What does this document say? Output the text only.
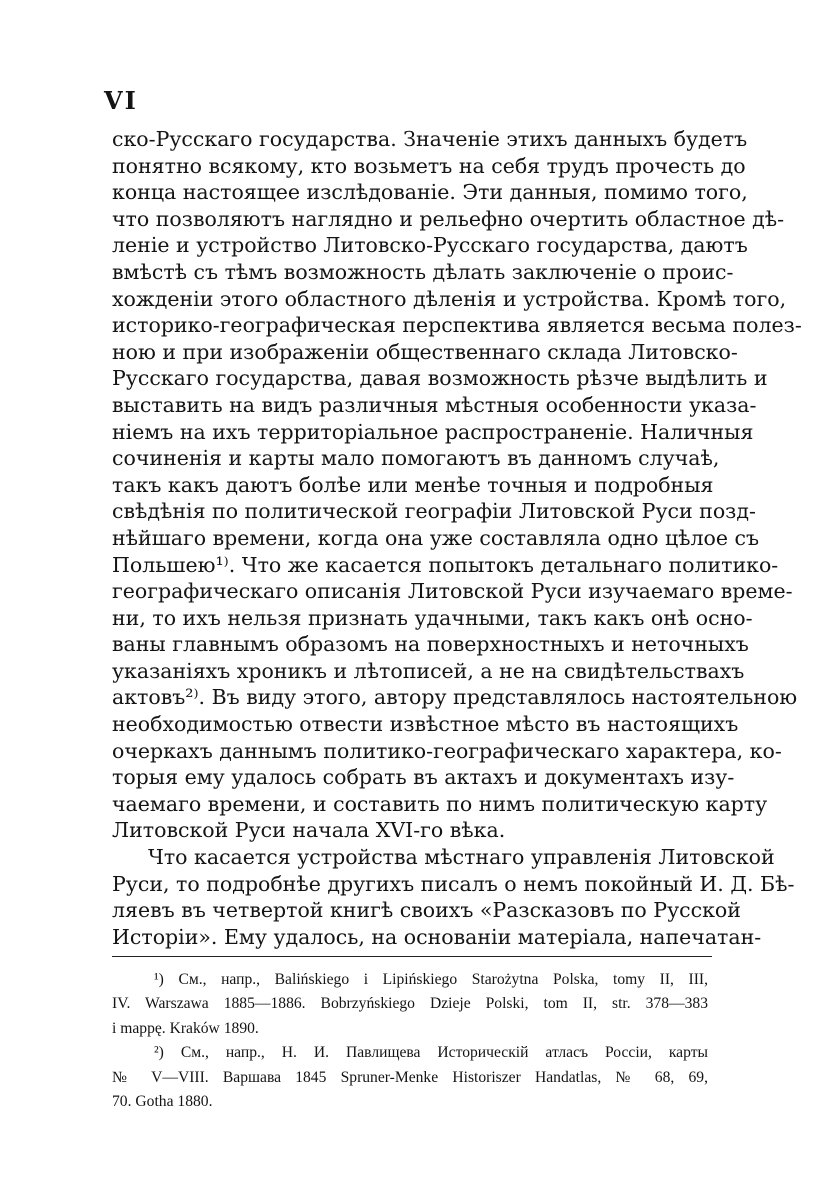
VI
ско-Русскаго государства. Значеніе этихъ данныхъ будетъ
понятно всякому, кто возьметъ на себя трудъ прочесть до
конца настоящее изслѣдованіе. Эти данныя, помимо того,
что позволяютъ наглядно и рельефно очертить областное дѣ-
леніе и устройство Литовско-Русскаго государства, даютъ
вмѣстѣ съ тѣмъ возможность дѣлать заключеніе о проис-
хожденіи этого областного дѣленія и устройства. Кромѣ того,
историко-географическая перспектива является весьма полез-
ною и при изображеніи общественнаго склада Литовско-
Русскаго государства, давая возможность рѣзче выдѣлить и
выставить на видъ различныя мѣстныя особенности указа-
ніемъ на ихъ территоріальное распространеніе. Наличныя
сочиненія и карты мало помогаютъ въ данномъ случаѣ,
такъ какъ даютъ болѣе или менѣе точныя и подробныя
свѣдѣнія по политической географіи Литовской Руси позд-
нѣйшаго времени, когда она уже составляла одно цѣлое съ
Польшею¹⁾. Что же касается попытокъ детальнаго политико-
географическаго описанія Литовской Руси изучаемаго време-
ни, то ихъ нельзя признать удачными, такъ какъ онѣ осно-
ваны главнымъ образомъ на поверхностныхъ и неточныхъ
указаніяхъ хроникъ и лѣтописей, а не на свидѣтельствахъ
актовъ²⁾. Въ виду этого, автору представлялось настоятельною
необходимостью отвести извѣстное мѣсто въ настоящихъ
очеркахъ даннымъ политико-географическаго характера, ко-
торыя ему удалось собрать въ актахъ и документахъ изу-
чаемаго времени, и составить по нимъ политическую карту
Литовской Руси начала XVI-го вѣка.
Что касается устройства мѣстнаго управленія Литовской
Руси, то подробнѣе другихъ писалъ о немъ покойный И. Д. Бѣ-
ляевъ въ четвертой книгѣ своихъ «Разсказовъ по Русской
Исторіи». Ему удалось, на основаніи матеріала, напечатан-
¹) См., напр., Balińskiego i Lipińskiego Starożytna Polska, tomy II, III,
IV. Warszawa 1885—1886. Bobrzyńskiego Dzieje Polski, tom II, str. 378—383
i mappę. Kraków 1890.
²) См., напр., Н. И. Павлищева Историческій атласъ Россіи, карты
№ V—VIII. Варшава 1845 Spruner-Menke Historiszer Handatlas, № 68, 69,
70. Gotha 1880.
